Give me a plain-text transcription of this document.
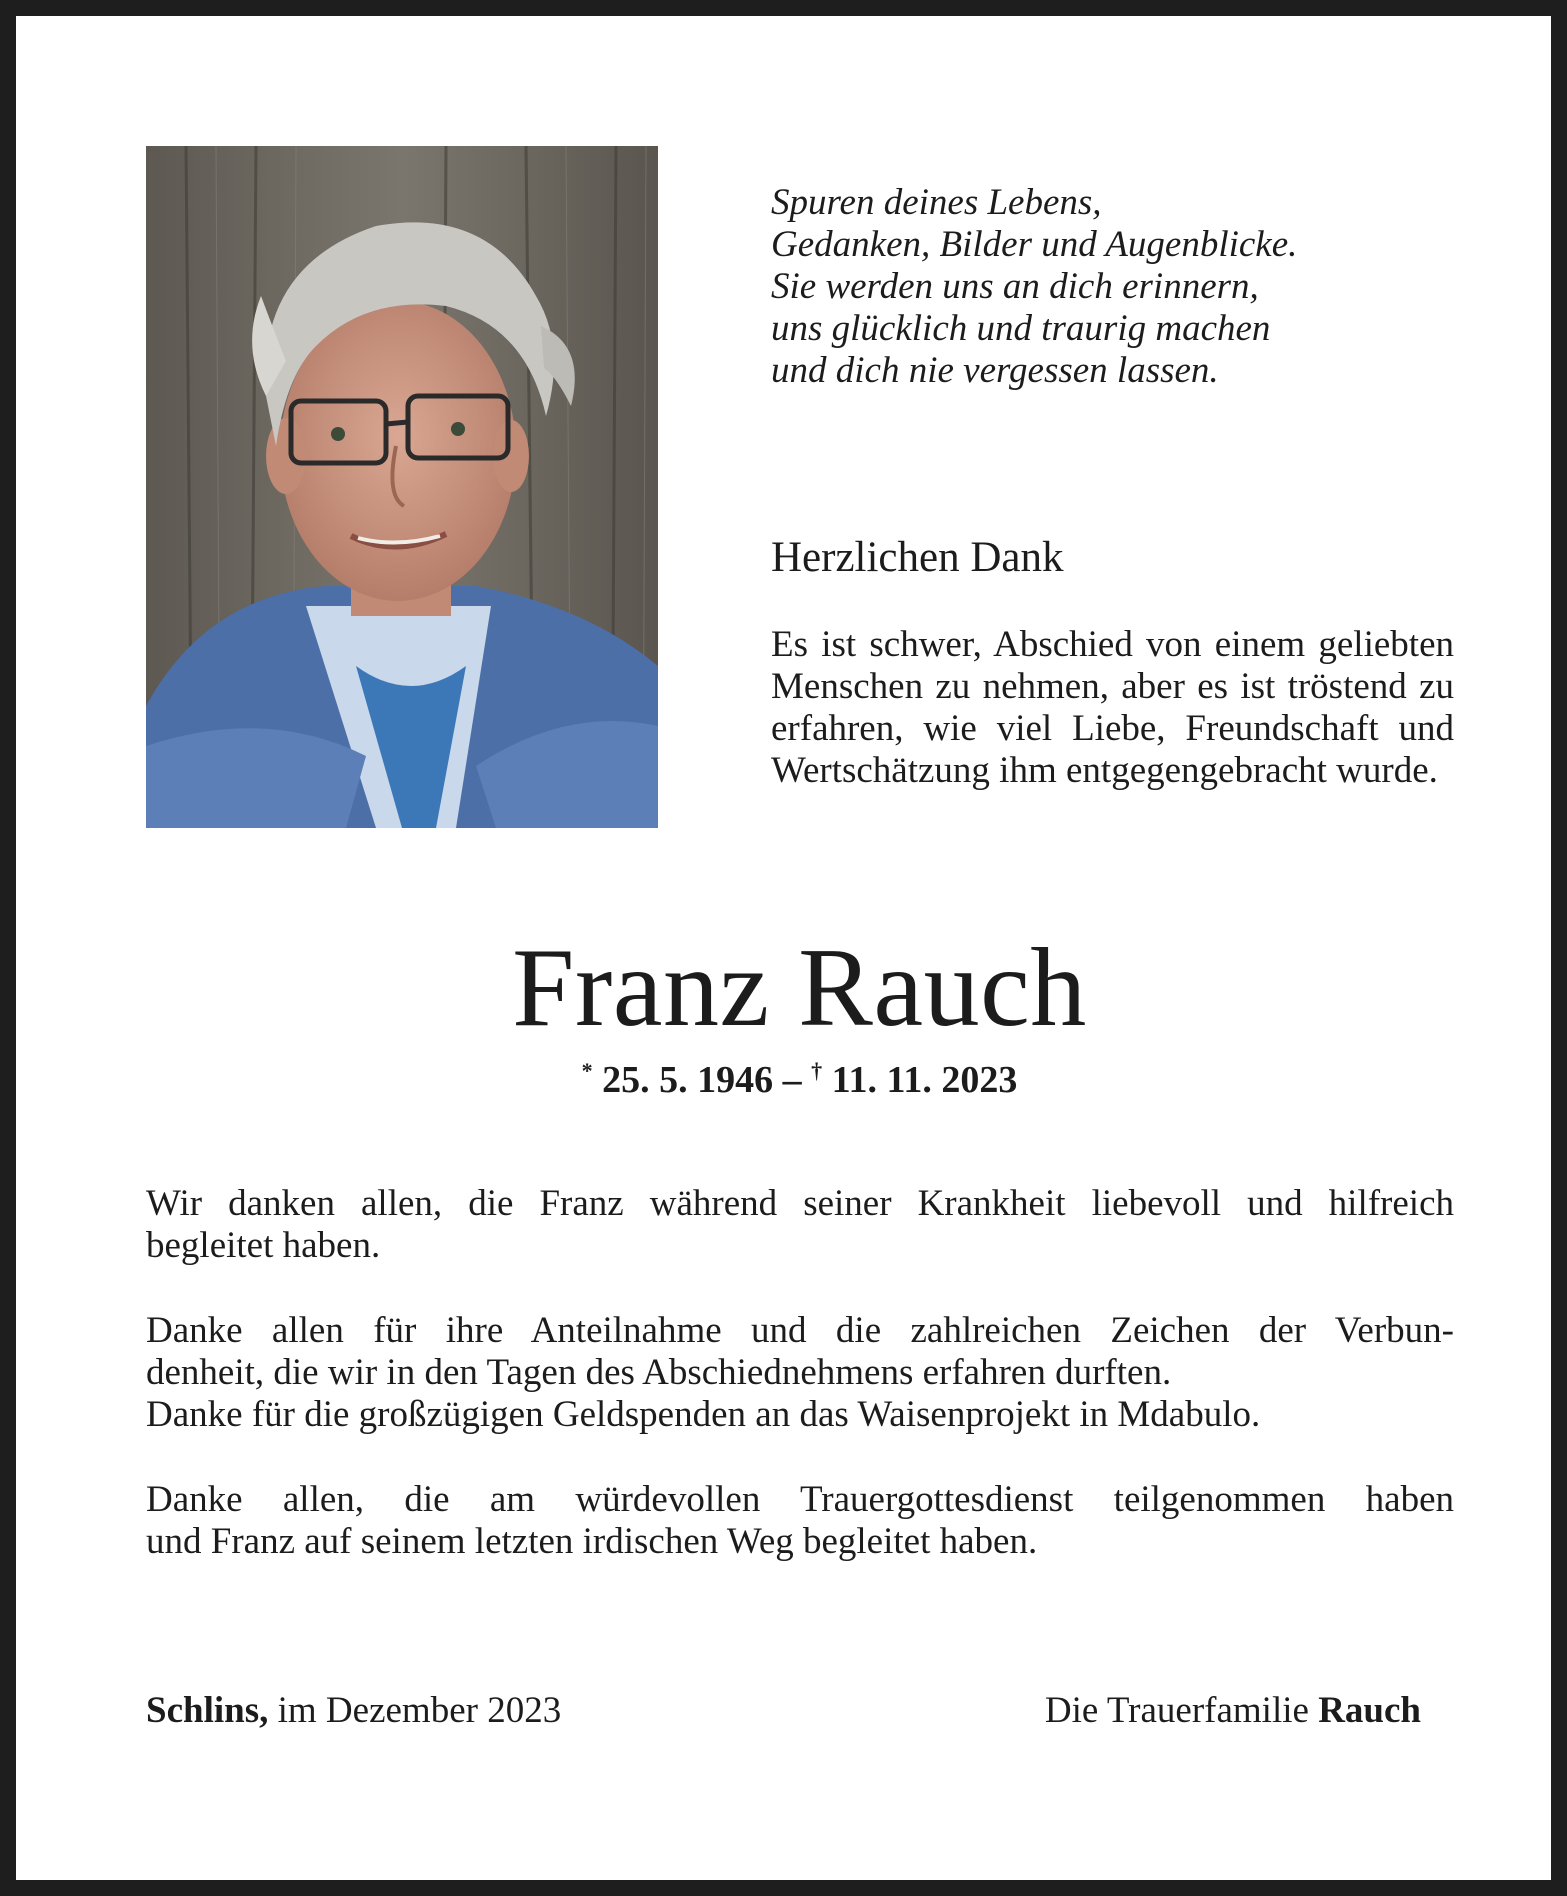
Spuren deines Lebens,
Gedanken, Bilder und Augenblicke.
Sie werden uns an dich erinnern,
uns glücklich und traurig machen
und dich nie vergessen lassen.
Herzlichen Dank
Es ist schwer, Abschied von einem geliebten Menschen zu nehmen, aber es ist tröstend zu erfahren, wie viel Liebe, Freundschaft und Wertschätzung ihm entgegengebracht wurde.
Franz Rauch
* 25. 5. 1946 – † 11. 11. 2023
Wir danken allen, die Franz während seiner Krankheit liebevoll und hilfreich
begleitet haben.
Danke allen für ihre Anteilnahme und die zahlreichen Zeichen der Verbun-
denheit, die wir in den Tagen des Abschiednehmens erfahren durften.
Danke für die großzügigen Geldspenden an das Waisenprojekt in Mdabulo.
Danke allen, die am würdevollen Trauergottesdienst teilgenommen haben
und Franz auf seinem letzten irdischen Weg begleitet haben.
Schlins, im Dezember 2023	Die Trauerfamilie Rauch
